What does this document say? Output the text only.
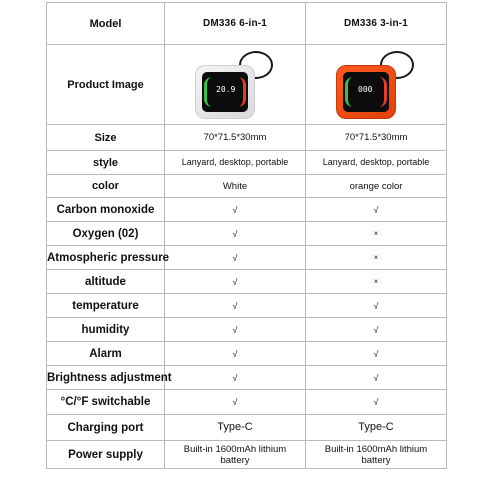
Model	DM336 6-in-1	DM336 3-in-1
Product Image	20.9	000

Size	70*71.5*30mm	70*71.5*30mm
style	Lanyard, desktop, portable	Lanyard, desktop, portable
color	White	orange color
Carbon monoxide	√	√
Oxygen (02)	√	×
Atmospheric pressure	√	×
altitude	√	×
temperature	√	√
humidity	√	√
Alarm	√	√
Brightness adjustment	√	√
°C/°F switchable	√	√
Charging port	Type-C	Type-C
Power supply	Built-in 1600mAh lithium battery	Built-in 1600mAh lithium battery
